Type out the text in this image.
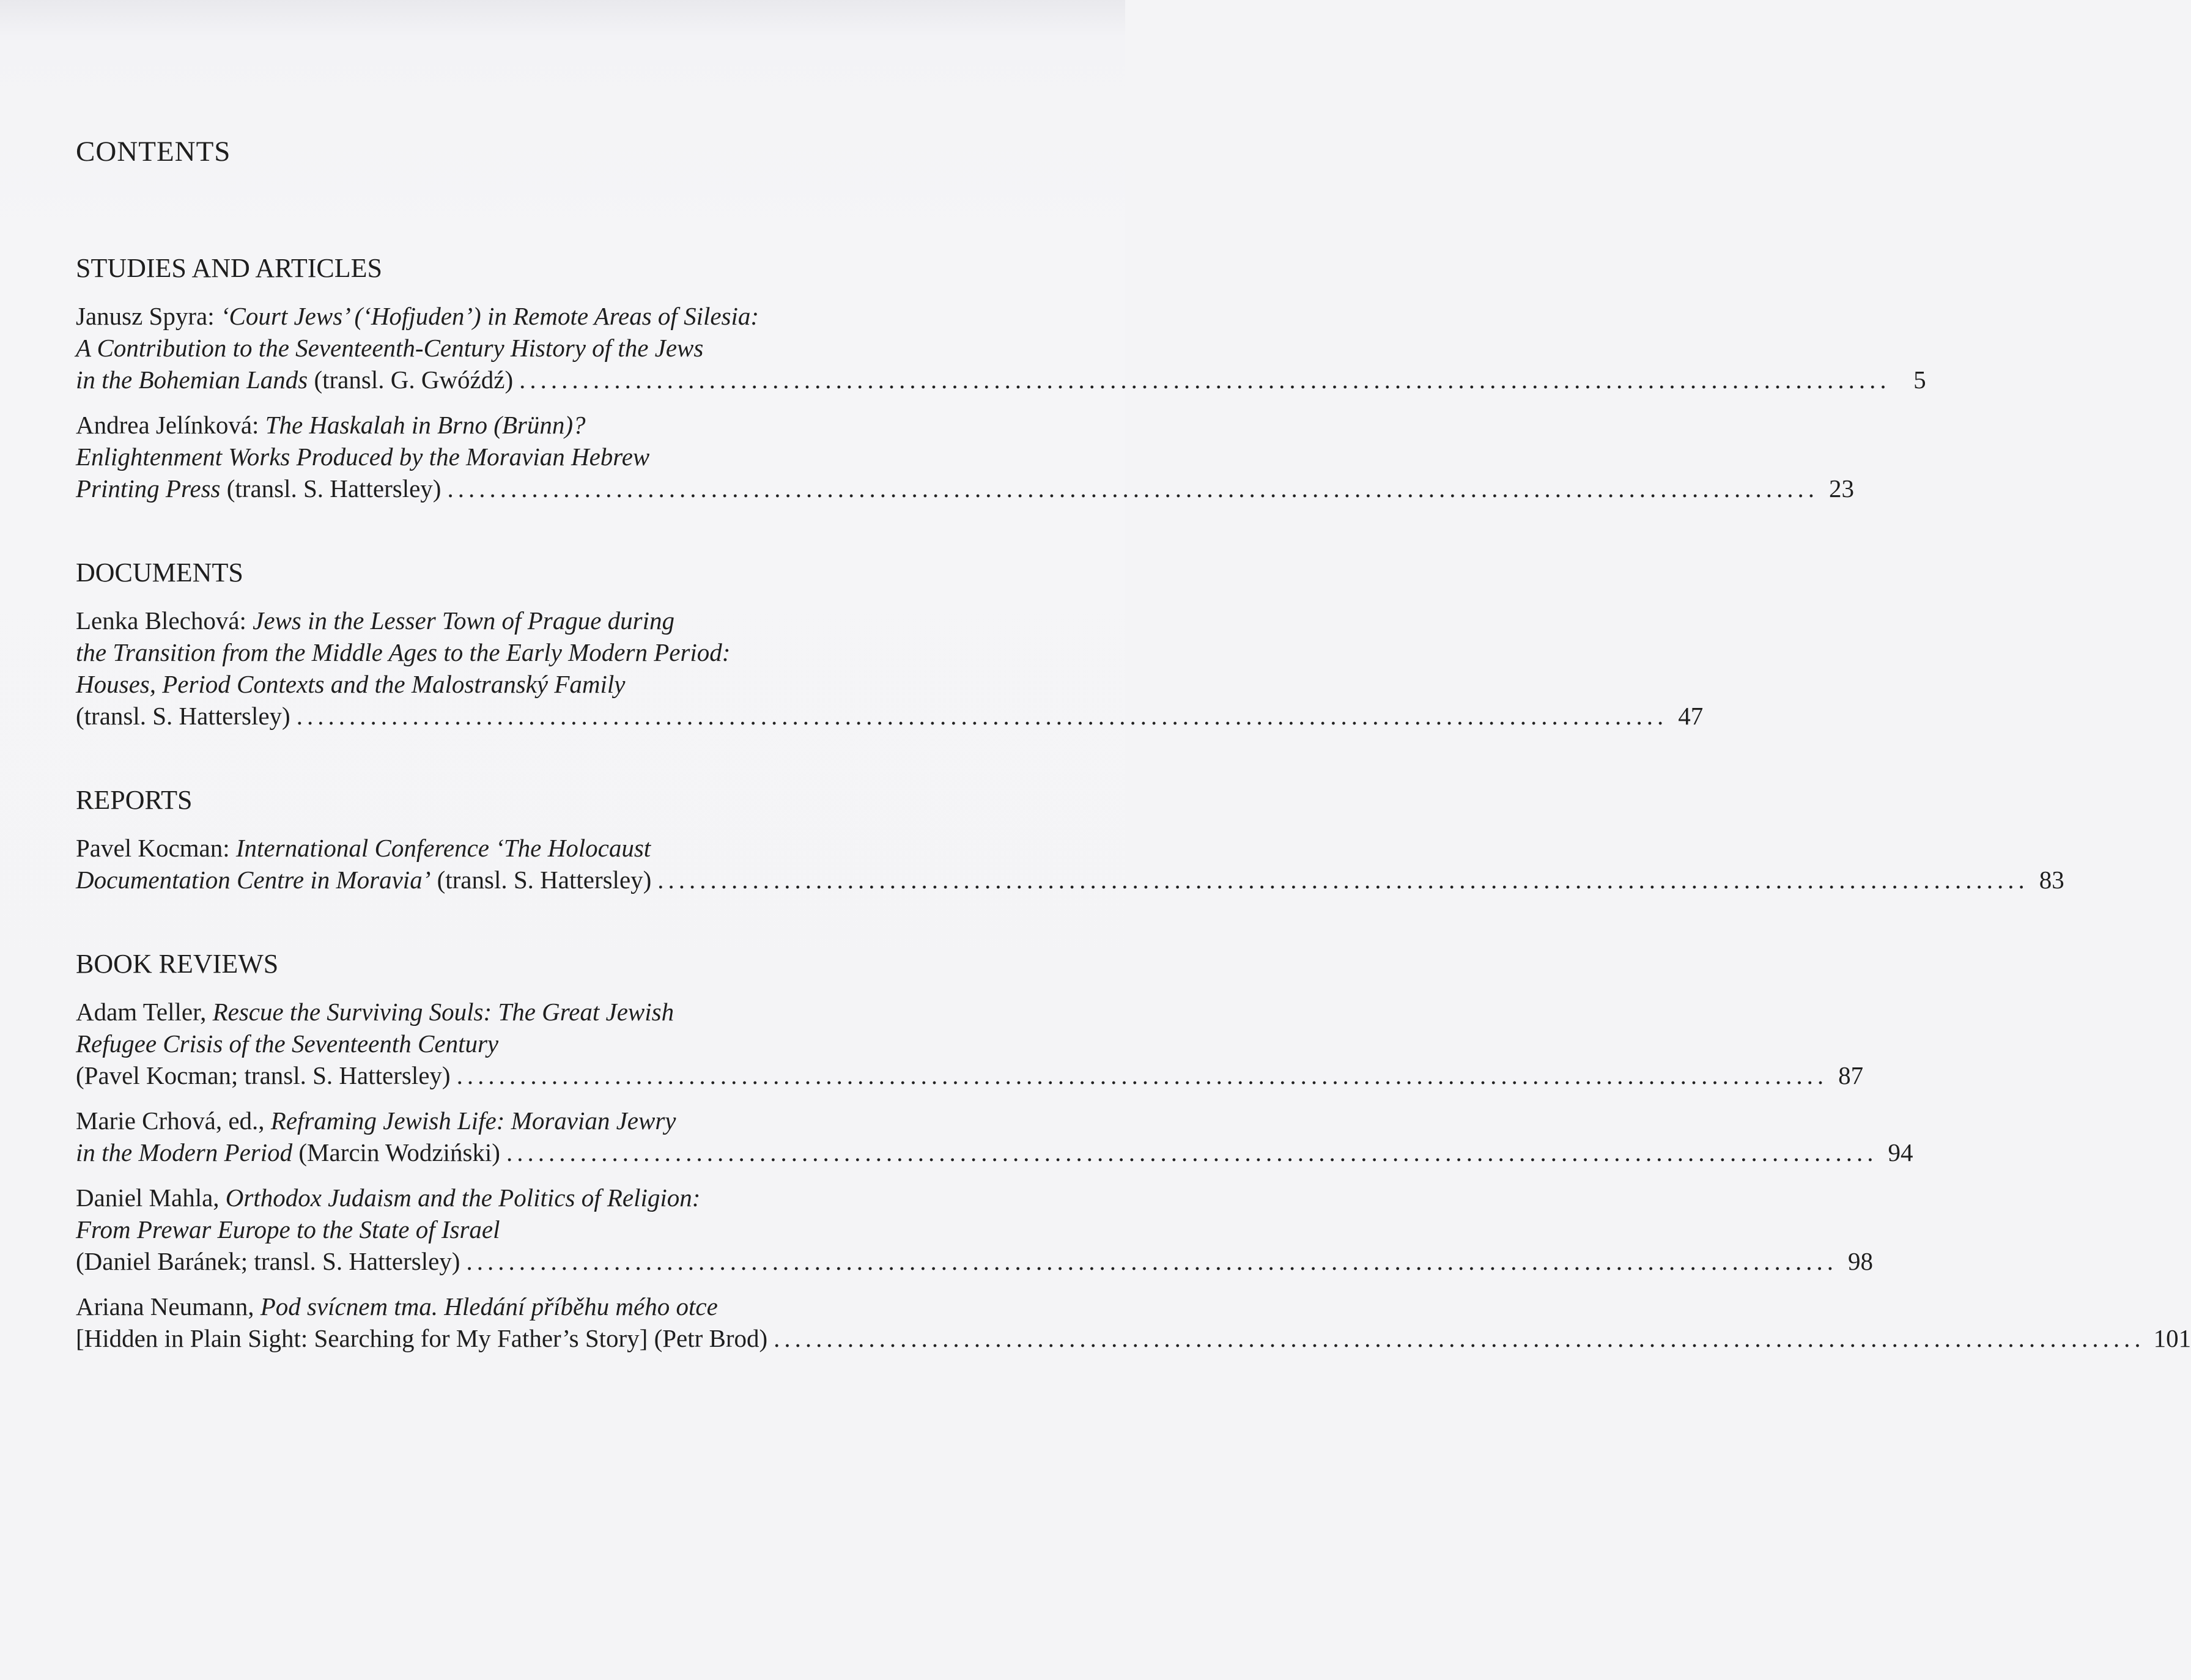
CONTENTS
STUDIES AND ARTICLES
Janusz Spyra: ‘Court Jews’ (‘Hofjuden’) in Remote Areas of Silesia:
A Contribution to the Seventeenth-Century History of the Jews
in the Bohemian Lands (transl. G. Gwóźdź) .................................................................................................................................. 5
Andrea Jelínková: The Haskalah in Brno (Brünn)?
Enlightenment Works Produced by the Moravian Hebrew
Printing Press (transl. S. Hattersley) .................................................................................................................................. 23
DOCUMENTS
Lenka Blechová: Jews in the Lesser Town of Prague during
the Transition from the Middle Ages to the Early Modern Period:
Houses, Period Contexts and the Malostranský Family
(transl. S. Hattersley) .................................................................................................................................. 47
REPORTS
Pavel Kocman: International Conference ‘The Holocaust
Documentation Centre in Moravia’ (transl. S. Hattersley) .................................................................................................................................. 83
BOOK REVIEWS
Adam Teller, Rescue the Surviving Souls: The Great Jewish
Refugee Crisis of the Seventeenth Century
(Pavel Kocman; transl. S. Hattersley) .................................................................................................................................. 87
Marie Crhová, ed., Reframing Jewish Life: Moravian Jewry
in the Modern Period (Marcin Wodziński) .................................................................................................................................. 94
Daniel Mahla, Orthodox Judaism and the Politics of Religion:
From Prewar Europe to the State of Israel
(Daniel Baránek; transl. S. Hattersley) .................................................................................................................................. 98
Ariana Neumann, Pod svícnem tma. Hledání příběhu mého otce
[Hidden in Plain Sight: Searching for My Father’s Story] (Petr Brod) .................................................................................................................................. 101
